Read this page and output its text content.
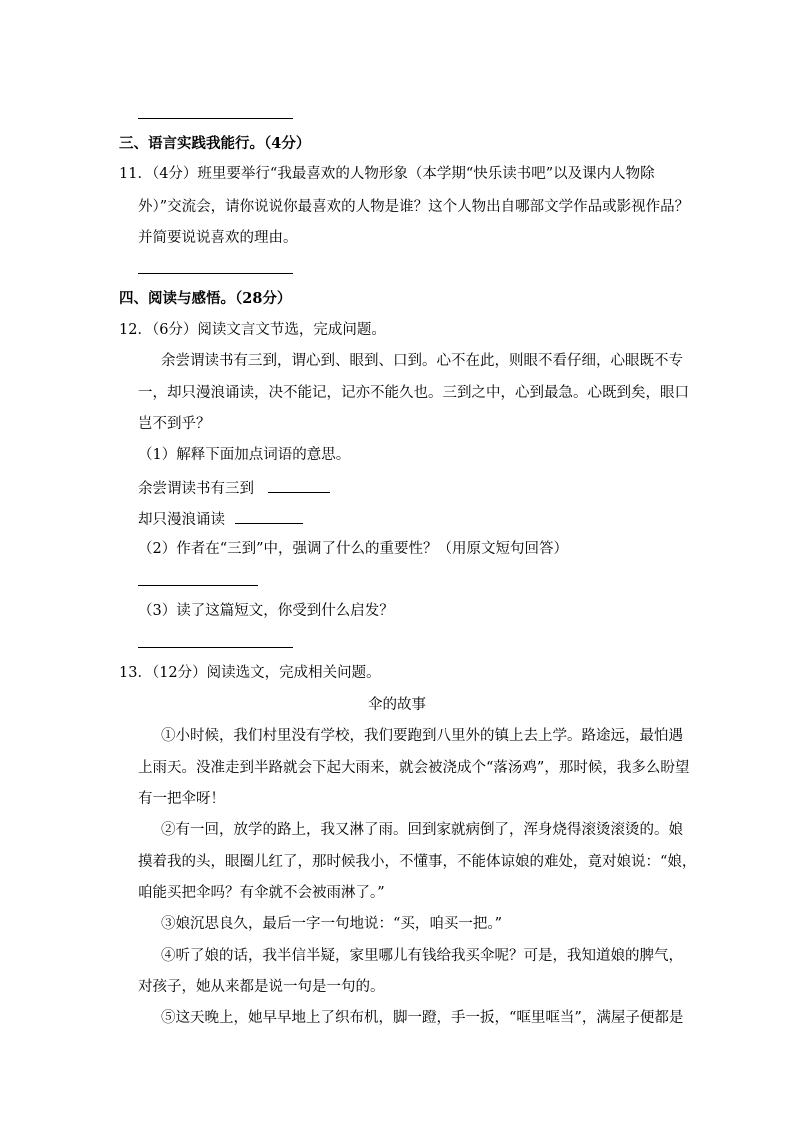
三、语言实践我能行。（4分）
11．（4分）班里要举行“我最喜欢的人物形象（本学期“快乐读书吧”以及课内人物除
外）”交流会，请你说说你最喜欢的人物是谁？这个人物出自哪部文学作品或影视作品？
并简要说说喜欢的理由。
四、阅读与感悟。（28分）
12．（6分）阅读文言文节选，完成问题。
余尝谓读书有三到，谓心到、眼到、口到。心不在此，则眼不看仔细，心眼既不专
一，却只漫浪诵读，决不能记，记亦不能久也。三到之中，心到最急。心既到矣，眼口
岂不到乎？
（1）解释下面加点词语的意思。
余尝谓读书有三到
却只漫浪诵读
（2）作者在“三到”中，强调了什么的重要性？（用原文短句回答）
（3）读了这篇短文，你受到什么启发？
13．（12分）阅读选文，完成相关问题。
伞的故事
①小时候，我们村里没有学校，我们要跑到八里外的镇上去上学。路途远，最怕遇
上雨天。没准走到半路就会下起大雨来，就会被浇成个“落汤鸡”，那时候，我多么盼望
有一把伞呀！
②有一回，放学的路上，我又淋了雨。回到家就病倒了，浑身烧得滚烫滚烫的。娘
摸着我的头，眼圈儿红了，那时候我小，不懂事，不能体谅娘的难处，竟对娘说：“娘，
咱能买把伞吗？有伞就不会被雨淋了。”
③娘沉思良久，最后一字一句地说：“买，咱买一把。”
④听了娘的话，我半信半疑，家里哪儿有钱给我买伞呢？可是，我知道娘的脾气，
对孩子，她从来都是说一句是一句的。
⑤这天晚上，她早早地上了织布机，脚一蹬，手一扳，“哐里哐当”，满屋子便都是
